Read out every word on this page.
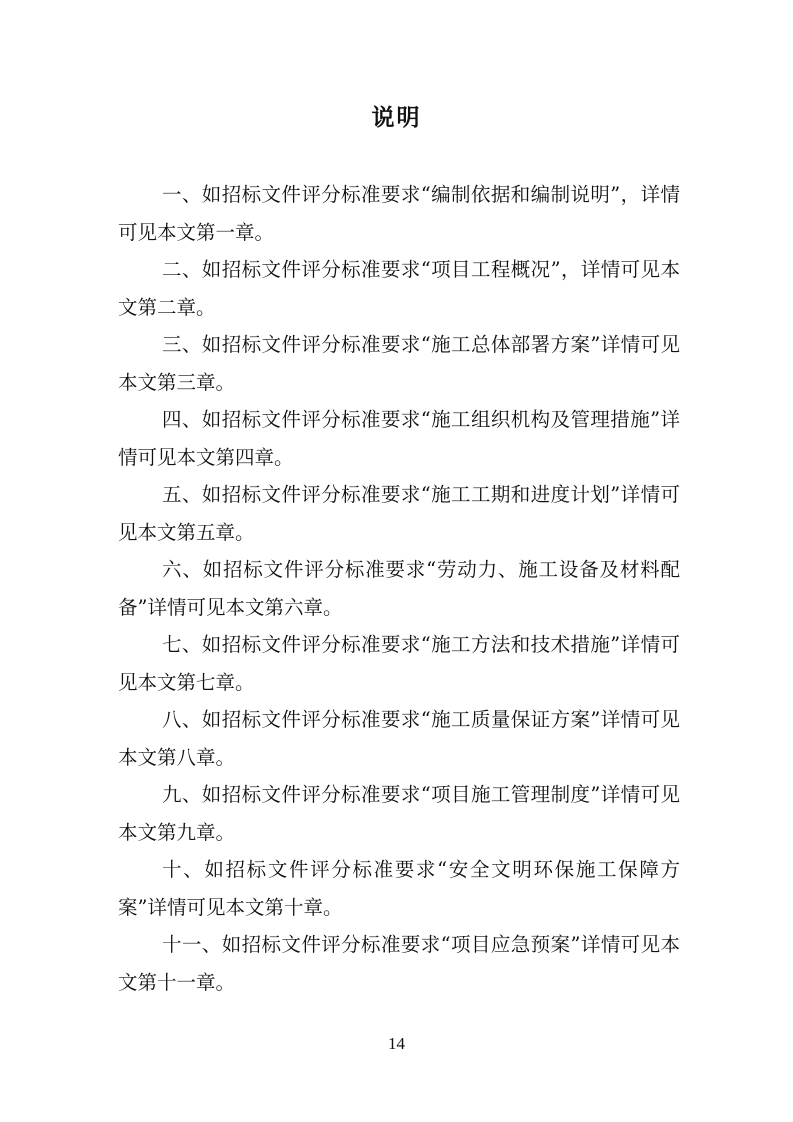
说明

一、如招标文件评分标准要求“编制依据和编制说明”，详情可见本文第一章。

二、如招标文件评分标准要求“项目工程概况”，详情可见本文第二章。

三、如招标文件评分标准要求“施工总体部署方案”详情可见本文第三章。

四、如招标文件评分标准要求“施工组织机构及管理措施”详情可见本文第四章。

五、如招标文件评分标准要求“施工工期和进度计划”详情可见本文第五章。

六、如招标文件评分标准要求“劳动力、施工设备及材料配备”详情可见本文第六章。

七、如招标文件评分标准要求“施工方法和技术措施”详情可见本文第七章。

八、如招标文件评分标准要求“施工质量保证方案”详情可见本文第八章。

九、如招标文件评分标准要求“项目施工管理制度”详情可见本文第九章。

十、如招标文件评分标准要求“安全文明环保施工保障方案”详情可见本文第十章。

十一、如招标文件评分标准要求“项目应急预案”详情可见本文第十一章。

14
